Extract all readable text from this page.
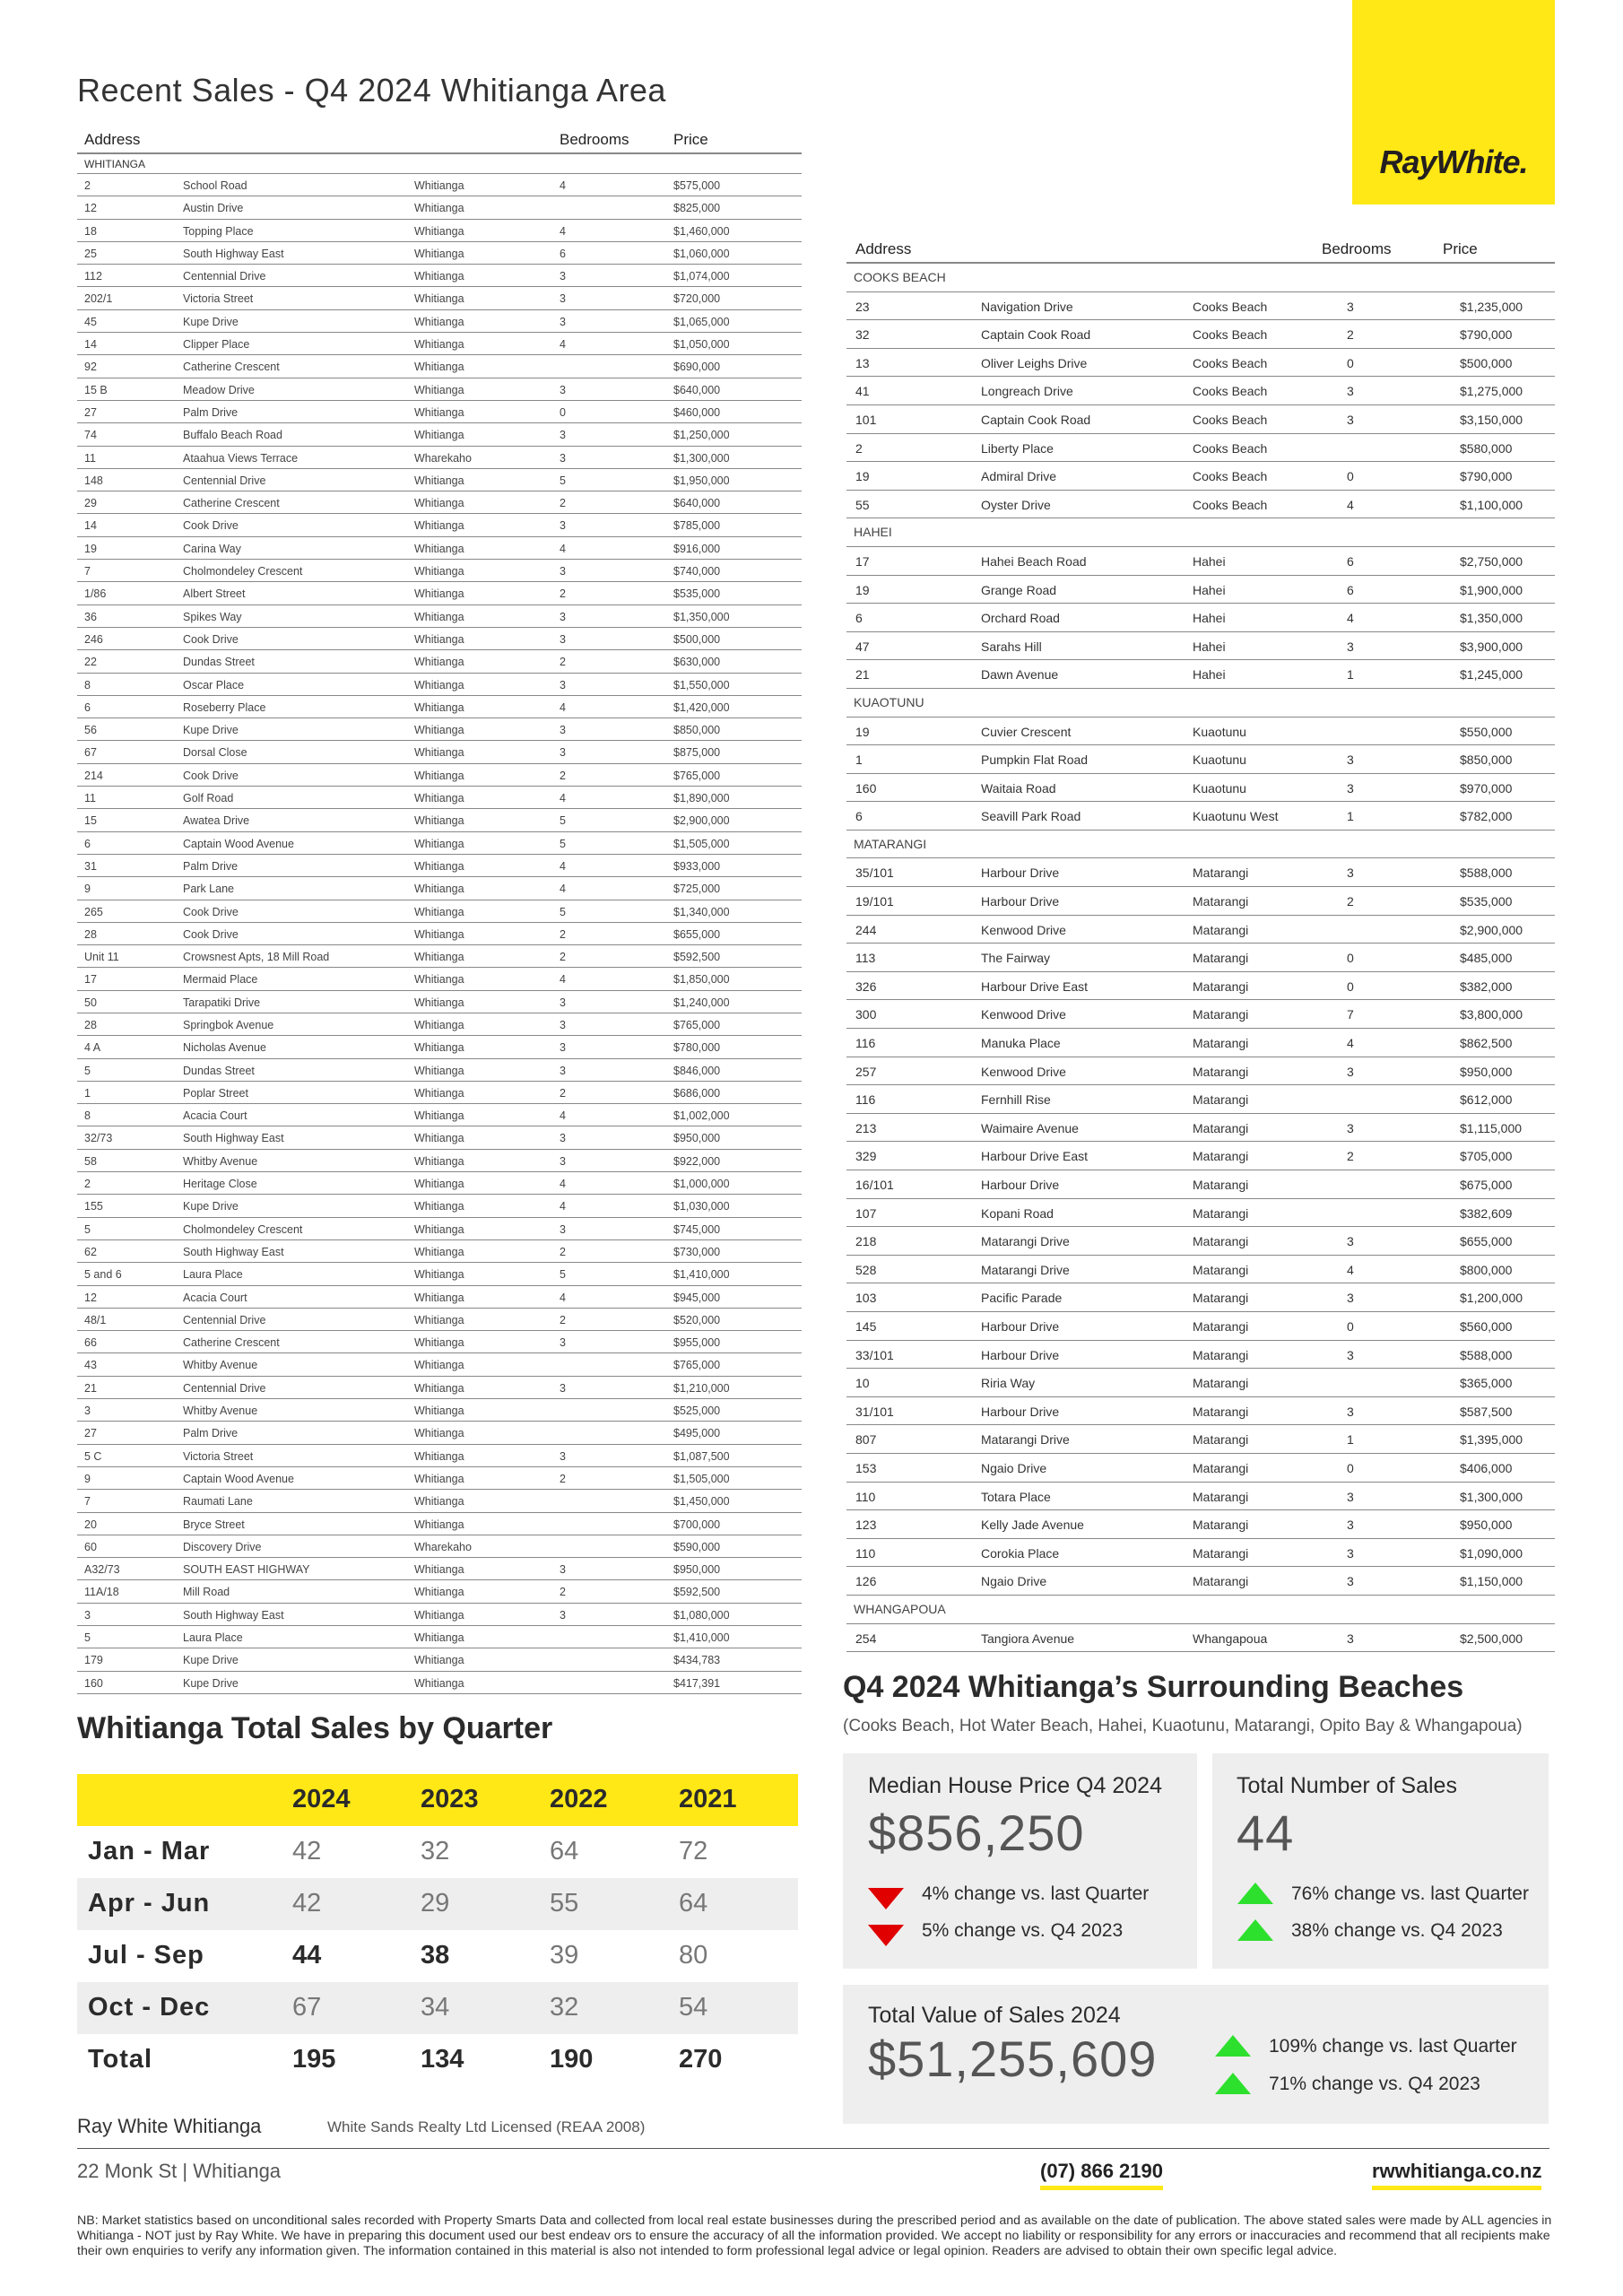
RayWhite.
Recent Sales - Q4 2024 Whitianga Area
Address	Bedrooms	Price
WHITIANGA
2	School Road	Whitianga	4	$575,000
12	Austin Drive	Whitianga	$825,000
18	Topping Place	Whitianga	4	$1,460,000
25	South Highway East	Whitianga	6	$1,060,000
112	Centennial Drive	Whitianga	3	$1,074,000
202/1	Victoria Street	Whitianga	3	$720,000
45	Kupe Drive	Whitianga	3	$1,065,000
14	Clipper Place	Whitianga	4	$1,050,000
92	Catherine Crescent	Whitianga	$690,000
15 B	Meadow Drive	Whitianga	3	$640,000
27	Palm Drive	Whitianga	0	$460,000
74	Buffalo Beach Road	Whitianga	3	$1,250,000
11	Ataahua Views Terrace	Wharekaho	3	$1,300,000
148	Centennial Drive	Whitianga	5	$1,950,000
29	Catherine Crescent	Whitianga	2	$640,000
14	Cook Drive	Whitianga	3	$785,000
19	Carina Way	Whitianga	4	$916,000
7	Cholmondeley Crescent	Whitianga	3	$740,000
1/86	Albert Street	Whitianga	2	$535,000
36	Spikes Way	Whitianga	3	$1,350,000
246	Cook Drive	Whitianga	3	$500,000
22	Dundas Street	Whitianga	2	$630,000
8	Oscar Place	Whitianga	3	$1,550,000
6	Roseberry Place	Whitianga	4	$1,420,000
56	Kupe Drive	Whitianga	3	$850,000
67	Dorsal Close	Whitianga	3	$875,000
214	Cook Drive	Whitianga	2	$765,000
11	Golf Road	Whitianga	4	$1,890,000
15	Awatea Drive	Whitianga	5	$2,900,000
6	Captain Wood Avenue	Whitianga	5	$1,505,000
31	Palm Drive	Whitianga	4	$933,000
9	Park Lane	Whitianga	4	$725,000
265	Cook Drive	Whitianga	5	$1,340,000
28	Cook Drive	Whitianga	2	$655,000
Unit 11	Crowsnest Apts, 18 Mill Road	Whitianga	2	$592,500
17	Mermaid Place	Whitianga	4	$1,850,000
50	Tarapatiki Drive	Whitianga	3	$1,240,000
28	Springbok Avenue	Whitianga	3	$765,000
4 A	Nicholas Avenue	Whitianga	3	$780,000
5	Dundas Street	Whitianga	3	$846,000
1	Poplar Street	Whitianga	2	$686,000
8	Acacia Court	Whitianga	4	$1,002,000
32/73	South Highway East	Whitianga	3	$950,000
58	Whitby Avenue	Whitianga	3	$922,000
2	Heritage Close	Whitianga	4	$1,000,000
155	Kupe Drive	Whitianga	4	$1,030,000
5	Cholmondeley Crescent	Whitianga	3	$745,000
62	South Highway East	Whitianga	2	$730,000
5 and 6	Laura Place	Whitianga	5	$1,410,000
12	Acacia Court	Whitianga	4	$945,000
48/1	Centennial Drive	Whitianga	2	$520,000
66	Catherine Crescent	Whitianga	3	$955,000
43	Whitby Avenue	Whitianga	$765,000
21	Centennial Drive	Whitianga	3	$1,210,000
3	Whitby Avenue	Whitianga	$525,000
27	Palm Drive	Whitianga	$495,000
5 C	Victoria Street	Whitianga	3	$1,087,500
9	Captain Wood Avenue	Whitianga	2	$1,505,000
7	Raumati Lane	Whitianga	$1,450,000
20	Bryce Street	Whitianga	$700,000
60	Discovery Drive	Wharekaho	$590,000
A32/73	SOUTH EAST HIGHWAY	Whitianga	3	$950,000
11A/18	Mill Road	Whitianga	2	$592,500
3	South Highway East	Whitianga	3	$1,080,000
5	Laura Place	Whitianga	$1,410,000
179	Kupe Drive	Whitianga	$434,783
160	Kupe Drive	Whitianga	$417,391
Address	Bedrooms	Price
COOKS BEACH
23	Navigation Drive	Cooks Beach	3	$1,235,000
32	Captain Cook Road	Cooks Beach	2	$790,000
13	Oliver Leighs Drive	Cooks Beach	0	$500,000
41	Longreach Drive	Cooks Beach	3	$1,275,000
101	Captain Cook Road	Cooks Beach	3	$3,150,000
2	Liberty Place	Cooks Beach	$580,000
19	Admiral Drive	Cooks Beach	0	$790,000
55	Oyster Drive	Cooks Beach	4	$1,100,000
HAHEI
17	Hahei Beach Road	Hahei	6	$2,750,000
19	Grange Road	Hahei	6	$1,900,000
6	Orchard Road	Hahei	4	$1,350,000
47	Sarahs Hill	Hahei	3	$3,900,000
21	Dawn Avenue	Hahei	1	$1,245,000
KUAOTUNU
19	Cuvier Crescent	Kuaotunu	$550,000
1	Pumpkin Flat Road	Kuaotunu	3	$850,000
160	Waitaia Road	Kuaotunu	3	$970,000
6	Seavill Park Road	Kuaotunu West	1	$782,000
MATARANGI
35/101	Harbour Drive	Matarangi	3	$588,000
19/101	Harbour Drive	Matarangi	2	$535,000
244	Kenwood Drive	Matarangi	$2,900,000
113	The Fairway	Matarangi	0	$485,000
326	Harbour Drive East	Matarangi	0	$382,000
300	Kenwood Drive	Matarangi	7	$3,800,000
116	Manuka Place	Matarangi	4	$862,500
257	Kenwood Drive	Matarangi	3	$950,000
116	Fernhill Rise	Matarangi	$612,000
213	Waimaire Avenue	Matarangi	3	$1,115,000
329	Harbour Drive East	Matarangi	2	$705,000
16/101	Harbour Drive	Matarangi	$675,000
107	Kopani Road	Matarangi	$382,609
218	Matarangi Drive	Matarangi	3	$655,000
528	Matarangi Drive	Matarangi	4	$800,000
103	Pacific Parade	Matarangi	3	$1,200,000
145	Harbour Drive	Matarangi	0	$560,000
33/101	Harbour Drive	Matarangi	3	$588,000
10	Riria Way	Matarangi	$365,000
31/101	Harbour Drive	Matarangi	3	$587,500
807	Matarangi Drive	Matarangi	1	$1,395,000
153	Ngaio Drive	Matarangi	0	$406,000
110	Totara Place	Matarangi	3	$1,300,000
123	Kelly Jade Avenue	Matarangi	3	$950,000
110	Corokia Place	Matarangi	3	$1,090,000
126	Ngaio Drive	Matarangi	3	$1,150,000
WHANGAPOUA
254	Tangiora Avenue	Whangapoua	3	$2,500,000
Whitianga Total Sales by Quarter
2024	2023	2022	2021
Jan - Mar	42	32	64	72
Apr - Jun	42	29	55	64
Jul - Sep	44	38	39	80
Oct - Dec	67	34	32	54
Total	195	134	190	270
Q4 2024 Whitianga’s Surrounding Beaches
(Cooks Beach, Hot Water Beach, Hahei, Kuaotunu, Matarangi, Opito Bay & Whangapoua)
Median House Price Q4 2024
$856,250
4% change vs. last Quarter
5% change vs. Q4 2023
Total Number of Sales
44
76% change vs. last Quarter
38% change vs. Q4 2023
Total Value of Sales 2024
$51,255,609	109% change vs. last Quarter
71% change vs. Q4 2023
Ray White Whitianga	White Sands Realty Ltd Licensed (REAA 2008)
22 Monk St | Whitianga	(07) 866 2190	rwwhitianga.co.nz
NB: Market statistics based on unconditional sales recorded with Property Smarts Data and collected from local real estate businesses during the prescribed period and as available on the date of publication. The above stated sales were made by ALL agencies in Whitianga - NOT just by Ray White. We have in preparing this document used our best endeav ors to ensure the accuracy of all the information provided. We accept no liability or responsibility for any errors or inaccuracies and recommend that all recipients make their own enquiries to verify any information given. The information contained in this material is also not intended to form professional legal advice or legal opinion. Readers are advised to obtain their own specific legal advice.
